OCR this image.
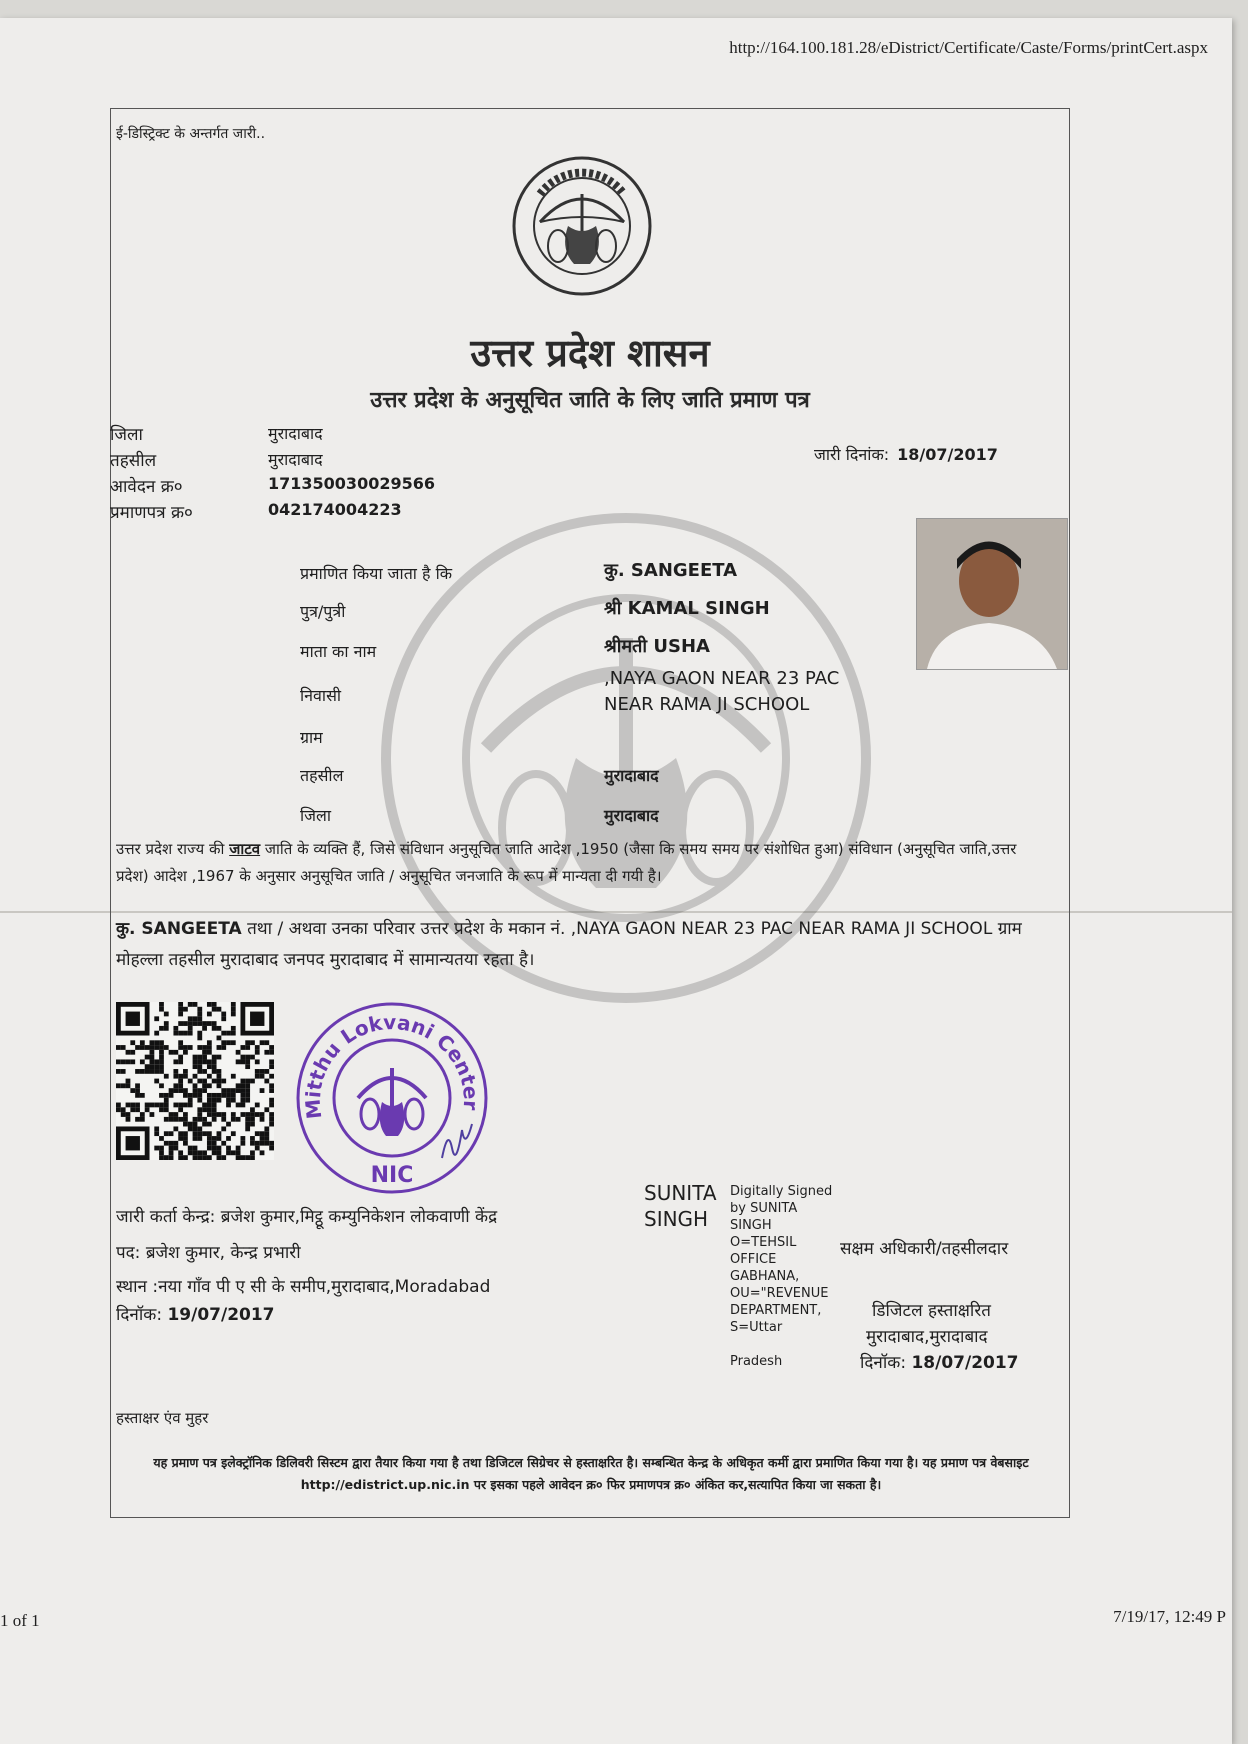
http://164.100.181.28/eDistrict/Certificate/Caste/Forms/printCert.aspx
ई-डिस्ट्रिक्ट के अन्तर्गत जारी..
उत्तर प्रदेश शासन
उत्तर प्रदेश के अनुसूचित जाति के लिए जाति प्रमाण पत्र
जिला	मुरादाबाद
तहसील	मुरादाबाद
आवेदन क्र०	171350030029566
प्रमाणपत्र क्र०	042174004223
जारी दिनांक: 18/07/2017
प्रमाणित किया जाता है कि	कु. SANGEETA
पुत्र/पुत्री	श्री KAMAL SINGH
माता का नाम	श्रीमती USHA
निवासी
,NAYA GAON NEAR 23 PAC
NEAR RAMA JI SCHOOL
ग्राम
तहसील	मुरादाबाद
जिला	मुरादाबाद
उत्तर प्रदेश राज्य की जाटव जाति के व्यक्ति हैं, जिसे संविधान अनुसूचित जाति आदेश ,1950 (जैसा कि समय समय पर संशोधित हुआ) संविधान (अनुसूचित जाति,उत्तर प्रदेश) आदेश ,1967 के अनुसार अनुसूचित जाति / अनुसूचित जनजाति के रूप में मान्यता दी गयी है।
कु. SANGEETA तथा / अथवा उनका परिवार उत्तर प्रदेश के मकान नं. ,NAYA GAON NEAR 23 PAC NEAR RAMA JI SCHOOL ग्राम मोहल्ला तहसील मुरादाबाद जनपद मुरादाबाद में सामान्यतया रहता है।
Mitthu Lokvani Center
NIC
जारी कर्ता केन्द्र: ब्रजेश कुमार,मिट्ठू कम्युनिकेशन लोकवाणी केंद्र
पद: ब्रजेश कुमार, केन्द्र प्रभारी
स्थान :नया गाँव पी ए सी के समीप,मुरादाबाद,Moradabad
दिनॉक: 19/07/2017
SUNITA
SINGH
Digitally Signed
by SUNITA
SINGH
O=TEHSIL
OFFICE
GABHANA,
OU="REVENUE
DEPARTMENT,
S=Uttar

Pradesh
सक्षम अधिकारी/तहसीलदार
डिजिटल हस्ताक्षरित
मुरादाबाद,मुरादाबाद
दिनॉक: 18/07/2017
हस्ताक्षर एंव मुहर
यह प्रमाण पत्र इलेक्ट्रॉनिक डिलिवरी सिस्टम द्वारा तैयार किया गया है तथा डिजिटल सिग्रेचर से हस्ताक्षरित है। सम्बन्धित केन्द्र के अधिकृत कर्मी द्वारा प्रमाणित किया गया है। यह प्रमाण पत्र वेबसाइट http://edistrict.up.nic.in पर इसका पहले आवेदन क्र० फिर प्रमाणपत्र क्र० अंकित कर,सत्यापित किया जा सकता है।
1 of 1	7/19/17, 12:49 P
